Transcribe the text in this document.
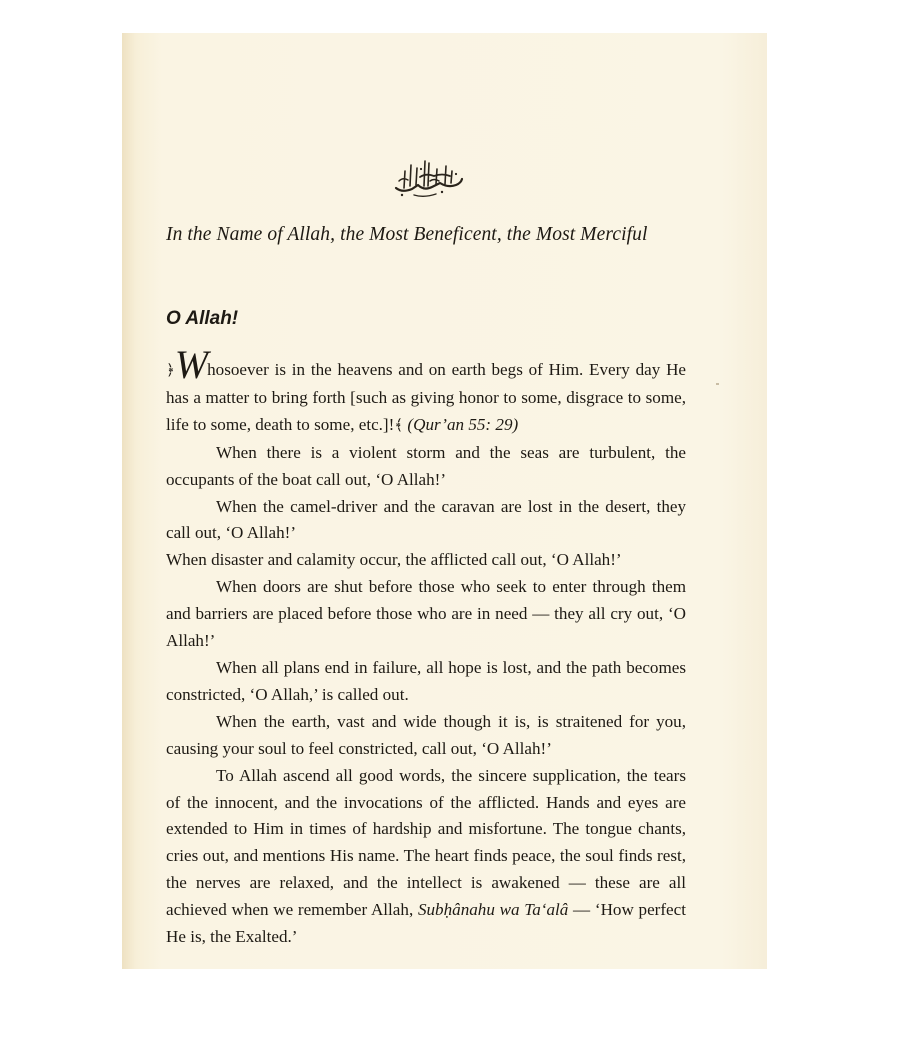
In the Name of Allah, the Most Beneficent, the Most Merciful
O Allah!

﴿Whosoever is in the heavens and on earth begs of Him. Every day He has a matter to bring forth [such as giving honor to some, disgrace to some, life to some, death to some, etc.]!﴾ (Qur’an 55: 29)

When there is a violent storm and the seas are turbulent, the occupants of the boat call out, ‘O Allah!’

When the camel-driver and the caravan are lost in the desert, they call out, ‘O Allah!’

When disaster and calamity occur, the afflicted call out, ‘O Allah!’

When doors are shut before those who seek to enter through them and barriers are placed before those who are in need — they all cry out, ‘O Allah!’

When all plans end in failure, all hope is lost, and the path becomes constricted, ‘O Allah,’ is called out.

When the earth, vast and wide though it is, is straitened for you, causing your soul to feel constricted, call out, ‘O Allah!’

To Allah ascend all good words, the sincere supplication, the tears of the innocent, and the invocations of the afflicted. Hands and eyes are extended to Him in times of hardship and misfortune. The tongue chants, cries out, and mentions His name. The heart finds peace, the soul finds rest, the nerves are relaxed, and the intellect is awakened — these are all achieved when we remember Allah, Subḥânahu wa Ta‘alâ — ‘How perfect He is, the Exalted.’
